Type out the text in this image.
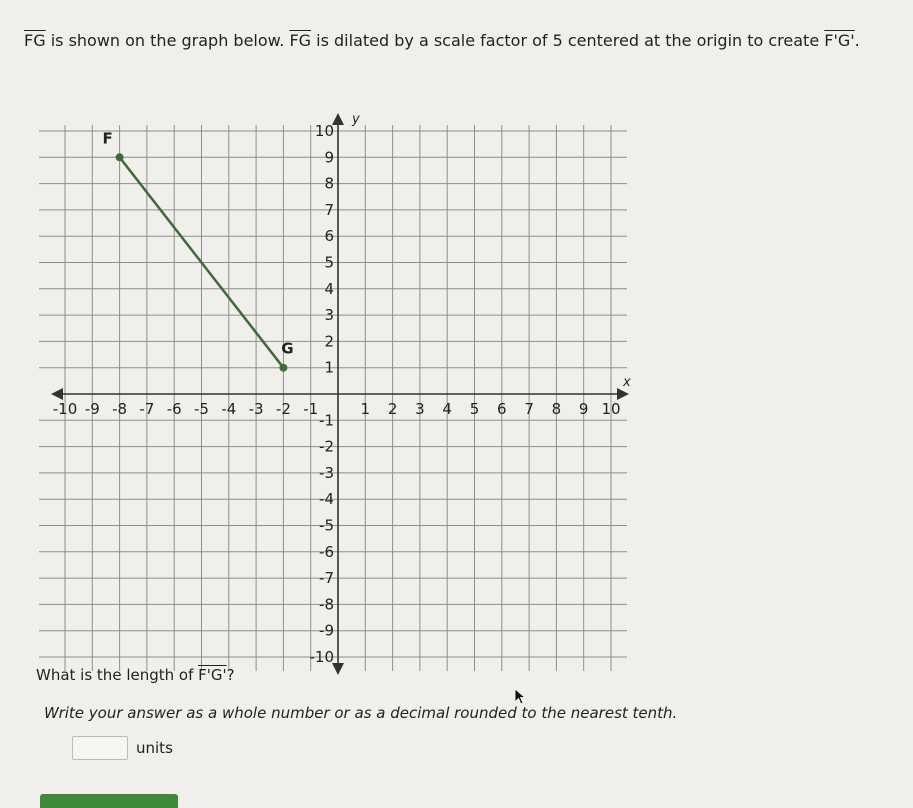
$\overline{FG}$ is shown on the graph below. $\overline{FG}$ is dilated by a scale factor of 5 centered at the origin to create F'G'.
x
y
-10 -9 -8 -7 -6 -5 -4 -3 -2 -1	1 2 3 4 5 6 7 8 9 10
10
9
8
7
6
5
4
3
2
1
-1
-2
-3
-4
-5
-6
-7
-8
-9
-10
F
G
What is the length of F'G'?
Write your answer as a whole number or as a decimal rounded to the nearest tenth.
units
